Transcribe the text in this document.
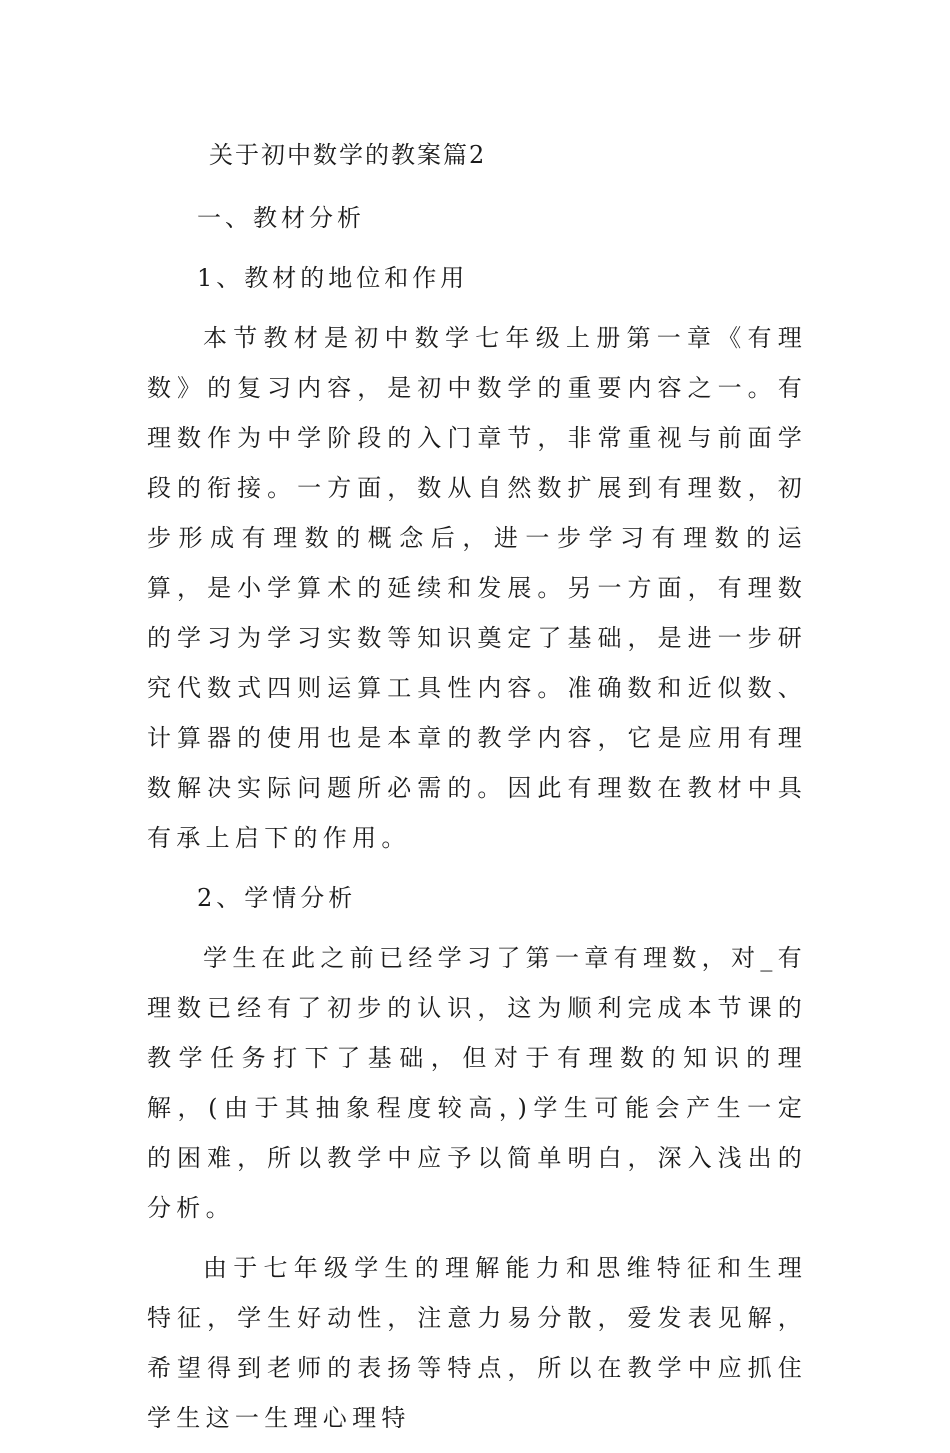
关于初中数学的教案篇2
一、教材分析
1、教材的地位和作用

本节教材是初中数学七年级上册第一章《有理数》的复习内容，是初中数学的重要内容之一。有理数作为中学阶段的入门章节，非常重视与前面学段的衔接。一方面，数从自然数扩展到有理数，初步形成有理数的概念后，进一步学习有理数的运算，是小学算术的延续和发展。另一方面，有理数的学习为学习实数等知识奠定了基础，是进一步研究代数式四则运算工具性内容。准确数和近似数、计算器的使用也是本章的教学内容，它是应用有理数解决实际问题所必需的。因此有理数在教材中具有承上启下的作用。

2、学情分析

学生在此之前已经学习了第一章有理数，对_有理数已经有了初步的认识，这为顺利完成本节课的教学任务打下了基础，但对于有理数的知识的理解，(由于其抽象程度较高，)学生可能会产生一定的困难，所以教学中应予以简单明白，深入浅出的分析。

由于七年级学生的理解能力和思维特征和生理特征，学生好动性，注意力易分散，爱发表见解，希望得到老师的表扬等特点，所以在教学中应抓住学生这一生理心理特
